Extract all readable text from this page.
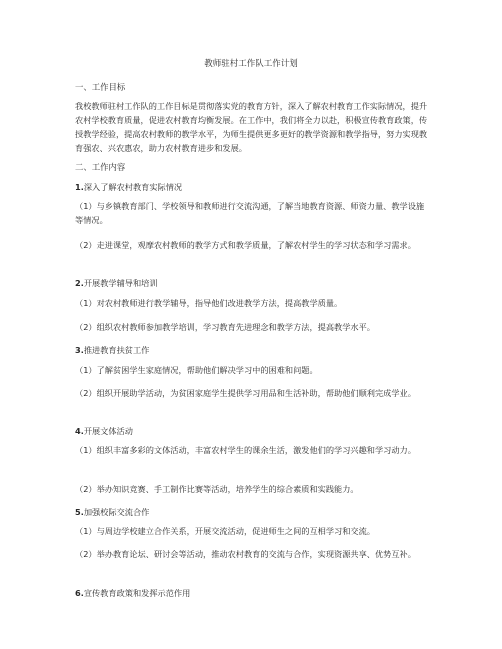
教师驻村工作队工作计划

一、工作目标

我校教师驻村工作队的工作目标是贯彻落实党的教育方针，深入了解农村教育工作实际情况，提升农村学校教育质量，促进农村教育均衡发展。在工作中，我们将全力以赴，积极宣传教育政策，传授教学经验，提高农村教师的教学水平，为师生提供更多更好的教学资源和教学指导，努力实现教育强农、兴农惠农，助力农村教育进步和发展。

二、工作内容

1.深入了解农村教育实际情况

（1）与乡镇教育部门、学校领导和教师进行交流沟通，了解当地教育资源、师资力量、教学设施等情况。

（2）走进课堂，观摩农村教师的教学方式和教学质量，了解农村学生的学习状态和学习需求。

2.开展教学辅导和培训

（1）对农村教师进行教学辅导，指导他们改进教学方法，提高教学质量。

（2）组织农村教师参加教学培训，学习教育先进理念和教学方法，提高教学水平。

3.推进教育扶贫工作

（1）了解贫困学生家庭情况，帮助他们解决学习中的困难和问题。

（2）组织开展助学活动，为贫困家庭学生提供学习用品和生活补助，帮助他们顺利完成学业。

4.开展文体活动

（1）组织丰富多彩的文体活动，丰富农村学生的课余生活，激发他们的学习兴趣和学习动力。

（2）举办知识竞赛、手工制作比赛等活动，培养学生的综合素质和实践能力。

5.加强校际交流合作

（1）与周边学校建立合作关系，开展交流活动，促进师生之间的互相学习和交流。

（2）举办教育论坛、研讨会等活动，推动农村教育的交流与合作，实现资源共享、优势互补。

6.宣传教育政策和发挥示范作用
